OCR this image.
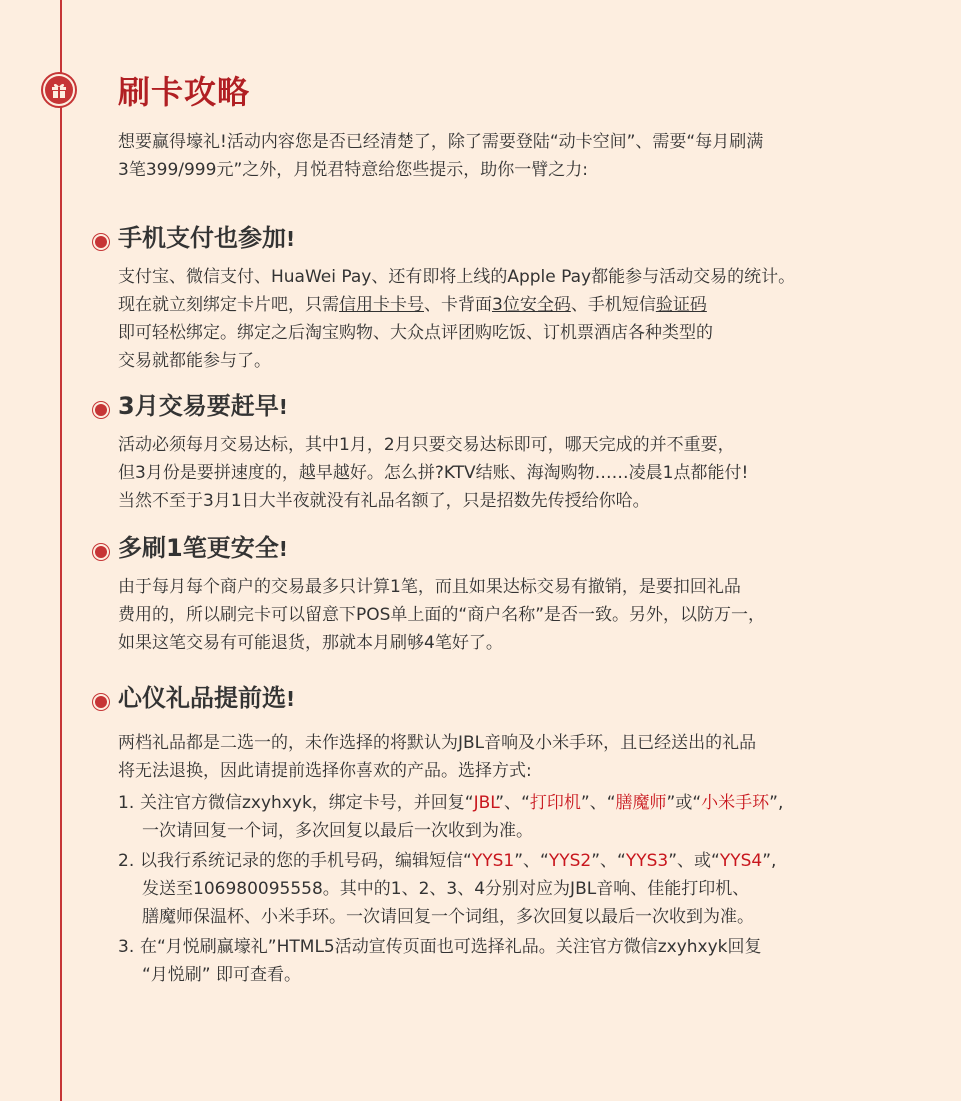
刷卡攻略

想要赢得壕礼!活动内容您是否已经清楚了，除了需要登陆“动卡空间”、需要“每月刷满

3笔399/999元”之外，月悦君特意给您些提示，助你一臂之力:

手机支付也参加!

支付宝、微信支付、HuaWei Pay、还有即将上线的Apple Pay都能参与活动交易的统计。

现在就立刻绑定卡片吧，只需信用卡卡号、卡背面3位安全码、手机短信验证码

即可轻松绑定。绑定之后淘宝购物、大众点评团购吃饭、订机票酒店各种类型的

交易就都能参与了。

3月交易要赶早!

活动必须每月交易达标，其中1月，2月只要交易达标即可，哪天完成的并不重要，

但3月份是要拼速度的，越早越好。怎么拼?KTV结账、海淘购物……凌晨1点都能付!

当然不至于3月1日大半夜就没有礼品名额了，只是招数先传授给你哈。

多刷1笔更安全!

由于每月每个商户的交易最多只计算1笔，而且如果达标交易有撤销，是要扣回礼品

费用的，所以刷完卡可以留意下POS单上面的“商户名称”是否一致。另外，以防万一，

如果这笔交易有可能退货，那就本月刷够4笔好了。

心仪礼品提前选!

两档礼品都是二选一的，未作选择的将默认为JBL音响及小米手环，且已经送出的礼品

将无法退换，因此请提前选择你喜欢的产品。选择方式:

1. 关注官方微信zxyhxyk，绑定卡号，并回复“JBL”、“打印机”、“膳魔师”或“小米手环”,

一次请回复一个词，多次回复以最后一次收到为准。

2. 以我行系统记录的您的手机号码，编辑短信“YYS1”、“YYS2”、“YYS3”、或“YYS4”,

发送至106980095558。其中的1、2、3、4分别对应为JBL音响、佳能打印机、

膳魔师保温杯、小米手环。一次请回复一个词组，多次回复以最后一次收到为准。

3. 在“月悦刷赢壕礼”HTML5活动宣传页面也可选择礼品。关注官方微信zxyhxyk回复

“月悦刷” 即可查看。
